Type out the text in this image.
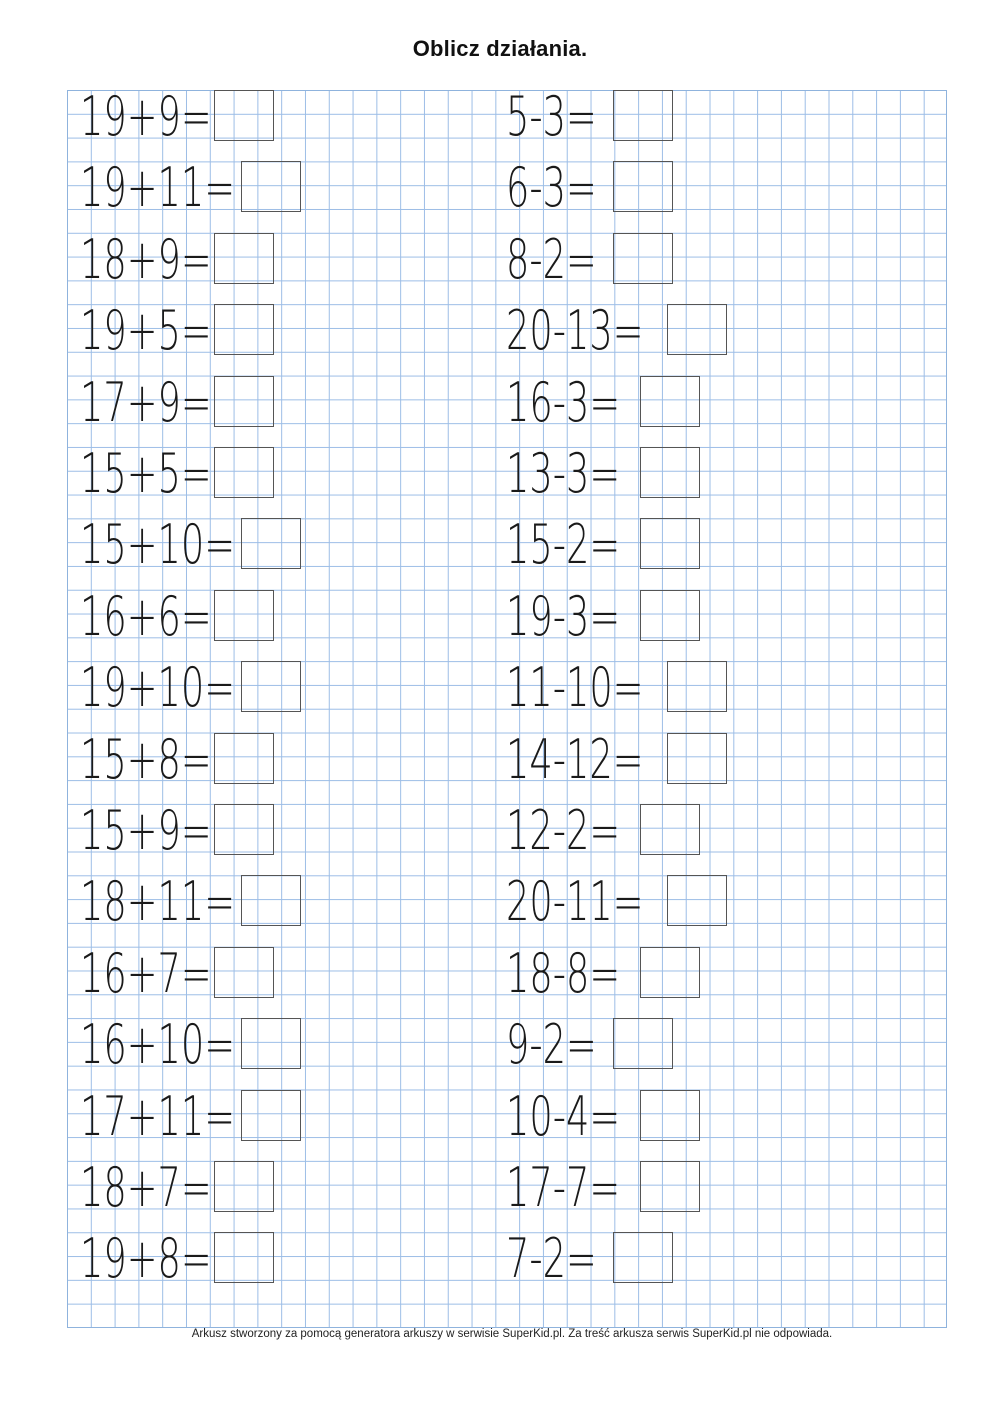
Oblicz działania.
19+9=
19+11=
18+9=
19+5=
17+9=
15+5=
15+10=
16+6=
19+10=
15+8=
15+9=
18+11=
16+7=
16+10=
17+11=
18+7=
19+8=
5-3=
6-3=
8-2=
20-13=
16-3=
13-3=
15-2=
19-3=
11-10=
14-12=
12-2=
20-11=
18-8=
9-2=
10-4=
17-7=
7-2=
Arkusz stworzony za pomocą generatora arkuszy w serwisie SuperKid.pl. Za treść arkusza serwis SuperKid.pl nie odpowiada.
